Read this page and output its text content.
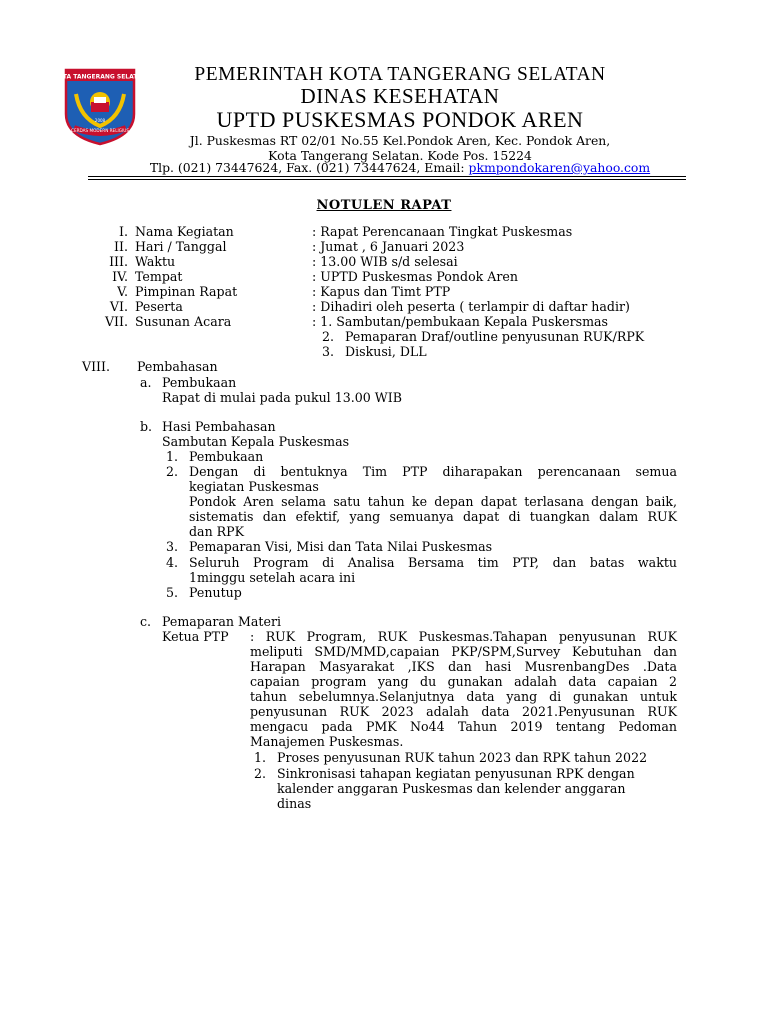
KOTA TANGERANG SELATAN
CERDAS MODERN RELIGIUS
2008
PEMERINTAH KOTA TANGERANG SELATAN
DINAS KESEHATAN
UPTD PUSKESMAS PONDOK AREN
Jl. Puskesmas RT 02/01 No.55 Kel.Pondok Aren, Kec. Pondok Aren,
Kota Tangerang Selatan. Kode Pos. 15224
Tlp. (021) 73447624, Fax. (021) 73447624, Email: pkmpondokaren@yahoo.com
NOTULEN RAPAT
I. Nama Kegiatan	: Rapat Perencanaan Tingkat Puskesmas
II. Hari / Tanggal	: Jumat , 6 Januari 2023
III. Waktu	: 13.00 WIB s/d selesai
IV. Tempat	: UPTD Puskesmas Pondok Aren
V. Pimpinan Rapat	: Kapus dan Timt PTP
VI. Peserta	: Dihadiri oleh peserta ( terlampir di daftar hadir)
VII. Susunan Acara	: 1. Sambutan/pembukaan Kepala Puskersmas
2. Pemaparan Draf/outline penyusunan RUK/RPK
3. Diskusi, DLL
VIII. Pembahasan
a. Pembukaan
Rapat di mulai pada pukul 13.00 WIB
b. Hasi Pembahasan
Sambutan Kepala Puskesmas
1. Pembukaan
2. Dengan di bentuknya Tim PTP diharapakan perencanaan semua
kegiatan Puskesmas
Pondok Aren selama satu tahun ke depan dapat terlasana dengan baik,
sistematis dan efektif, yang semuanya dapat di tuangkan dalam RUK
dan RPK
3. Pemaparan Visi, Misi dan Tata Nilai Puskesmas
4. Seluruh Program di Analisa Bersama tim PTP, dan batas waktu
1minggu setelah acara ini
5. Penutup
c. Pemaparan Materi
Ketua PTP : RUK Program, RUK Puskesmas.Tahapan penyusunan RUK
meliputi SMD/MMD,capaian PKP/SPM,Survey Kebutuhan dan
Harapan Masyarakat ,IKS dan hasi MusrenbangDes .Data
capaian program yang du gunakan adalah data capaian 2
tahun sebelumnya.Selanjutnya data yang di gunakan untuk
penyusunan RUK 2023 adalah data 2021.Penyusunan RUK
mengacu pada PMK No44 Tahun 2019 tentang Pedoman
Manajemen Puskesmas.
1. Proses penyusunan RUK tahun 2023 dan RPK tahun 2022
2. Sinkronisasi tahapan kegiatan penyusunan RPK dengan
kalender anggaran Puskesmas dan kelender anggaran
dinas
